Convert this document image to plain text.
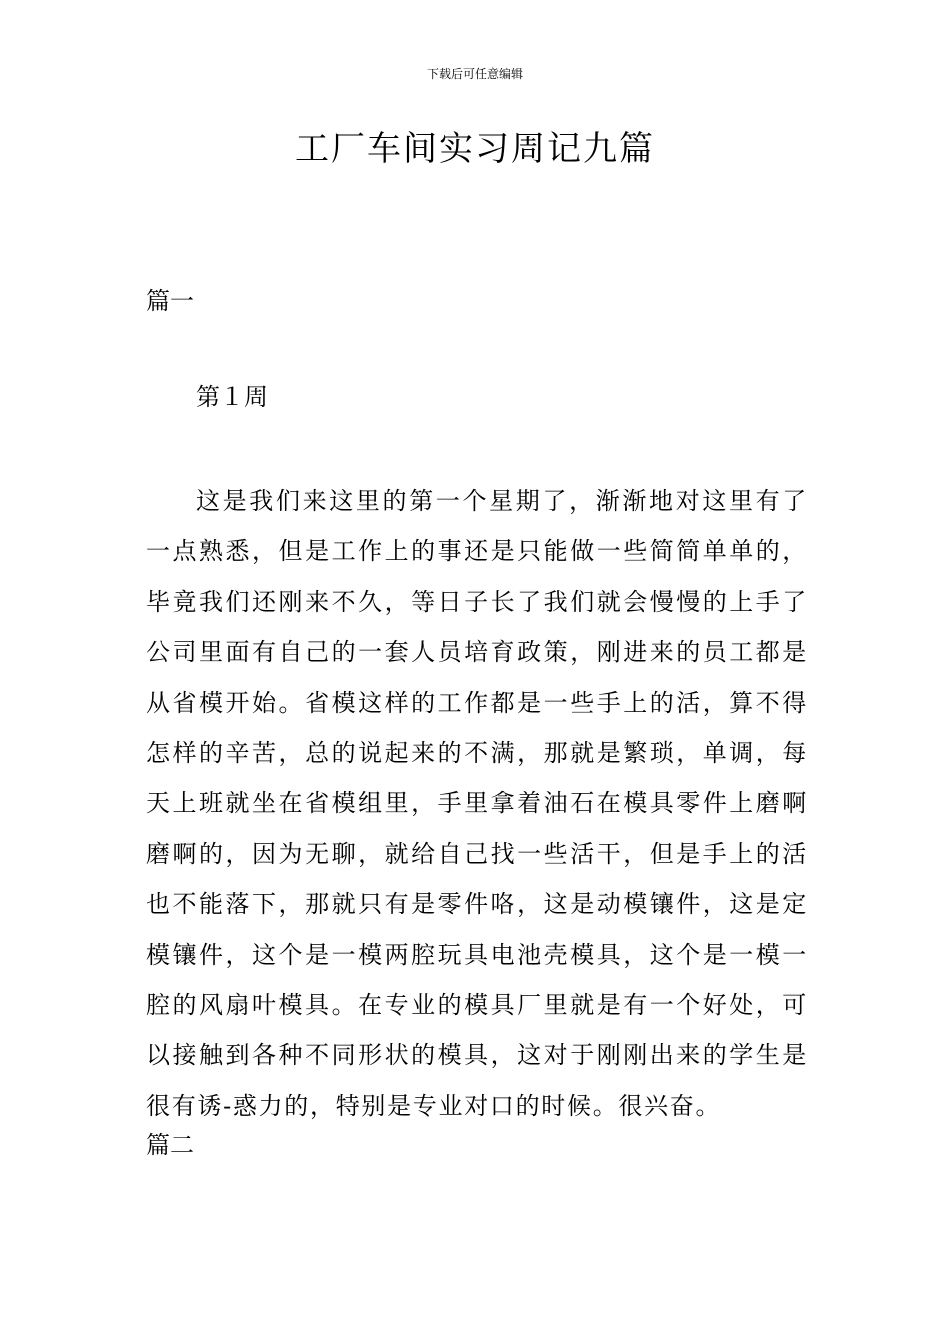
下载后可任意编辑
工厂车间实习周记九篇
篇一
第１周

这是我们来这里的第一个星期了，渐渐地对这里有了一点熟悉，但是工作上的事还是只能做一些简简单单的，毕竟我们还刚来不久，等日子长了我们就会慢慢的上手了公司里面有自己的一套人员培育政策，刚进来的员工都是从省模开始。省模这样的工作都是一些手上的活，算不得怎样的辛苦，总的说起来的不满，那就是繁琐，单调，每天上班就坐在省模组里，手里拿着油石在模具零件上磨啊磨啊的，因为无聊，就给自己找一些活干，但是手上的活也不能落下，那就只有是零件咯，这是动模镶件，这是定模镶件，这个是一模两腔玩具电池壳模具，这个是一模一腔的风扇叶模具。在专业的模具厂里就是有一个好处，可以接触到各种不同形状的模具，这对于刚刚出来的学生是很有诱-惑力的，特别是专业对口的时候。很兴奋。

篇二
